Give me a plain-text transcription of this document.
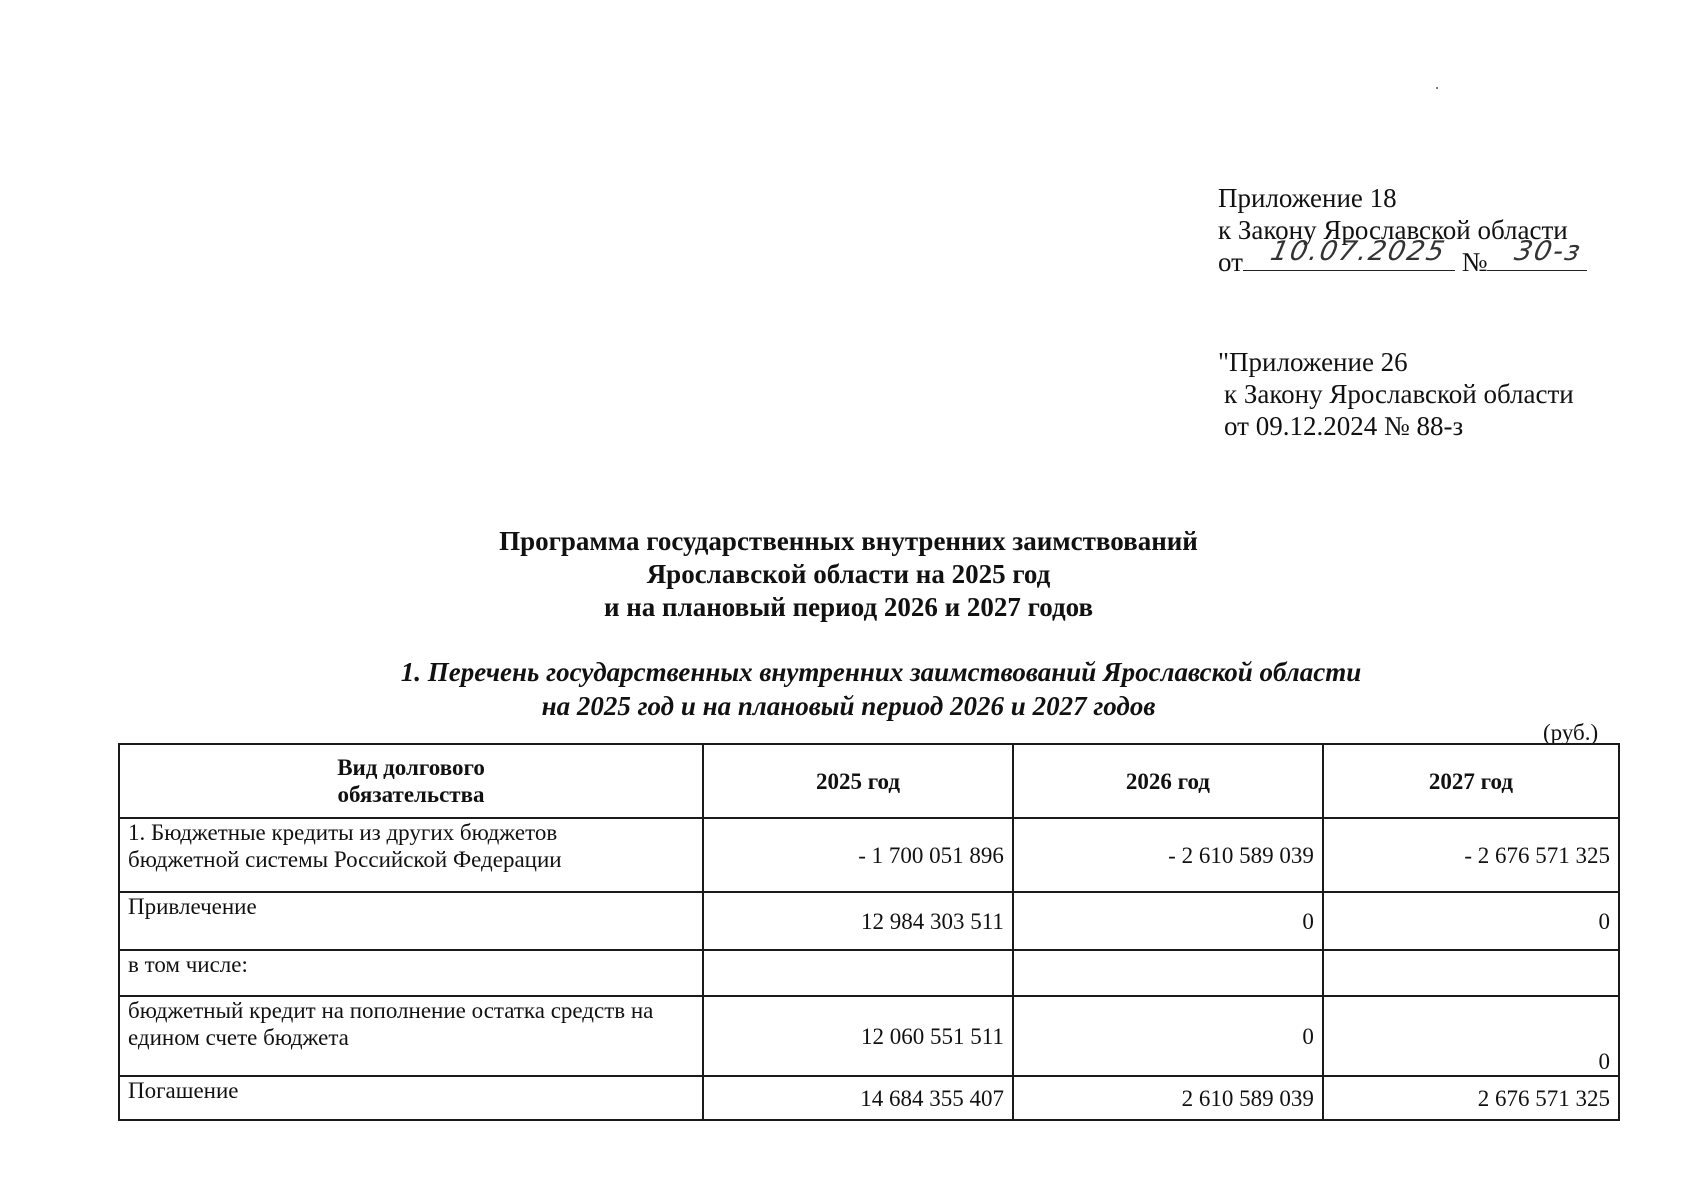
Приложение 18
к Закону Ярославской области
от 10.07.2025 № 30-з
"Приложение 26
к Закону Ярославской области
от 09.12.2024 № 88-з
Программа государственных внутренних заимствований
Ярославской области на 2025 год
и на плановый период 2026 и 2027 годов
1. Перечень государственных внутренних заимствований Ярославской области
на 2025 год и на плановый период 2026 и 2027 годов
(руб.)
Вид долгового
обязательства	2025 год	2026 год	2027 год

1. Бюджетные кредиты из других бюджетов
бюджетной системы Российской Федерации	- 1 700 051 896	- 2 610 589 039	- 2 676 571 325
Привлечение	12 984 303 511	0	0
в том числе:			

бюджетный кредит на пополнение остатка средств на
едином счете бюджета	12 060 551 511	0	0
Погашение	14 684 355 407	2 610 589 039	2 676 571 325
